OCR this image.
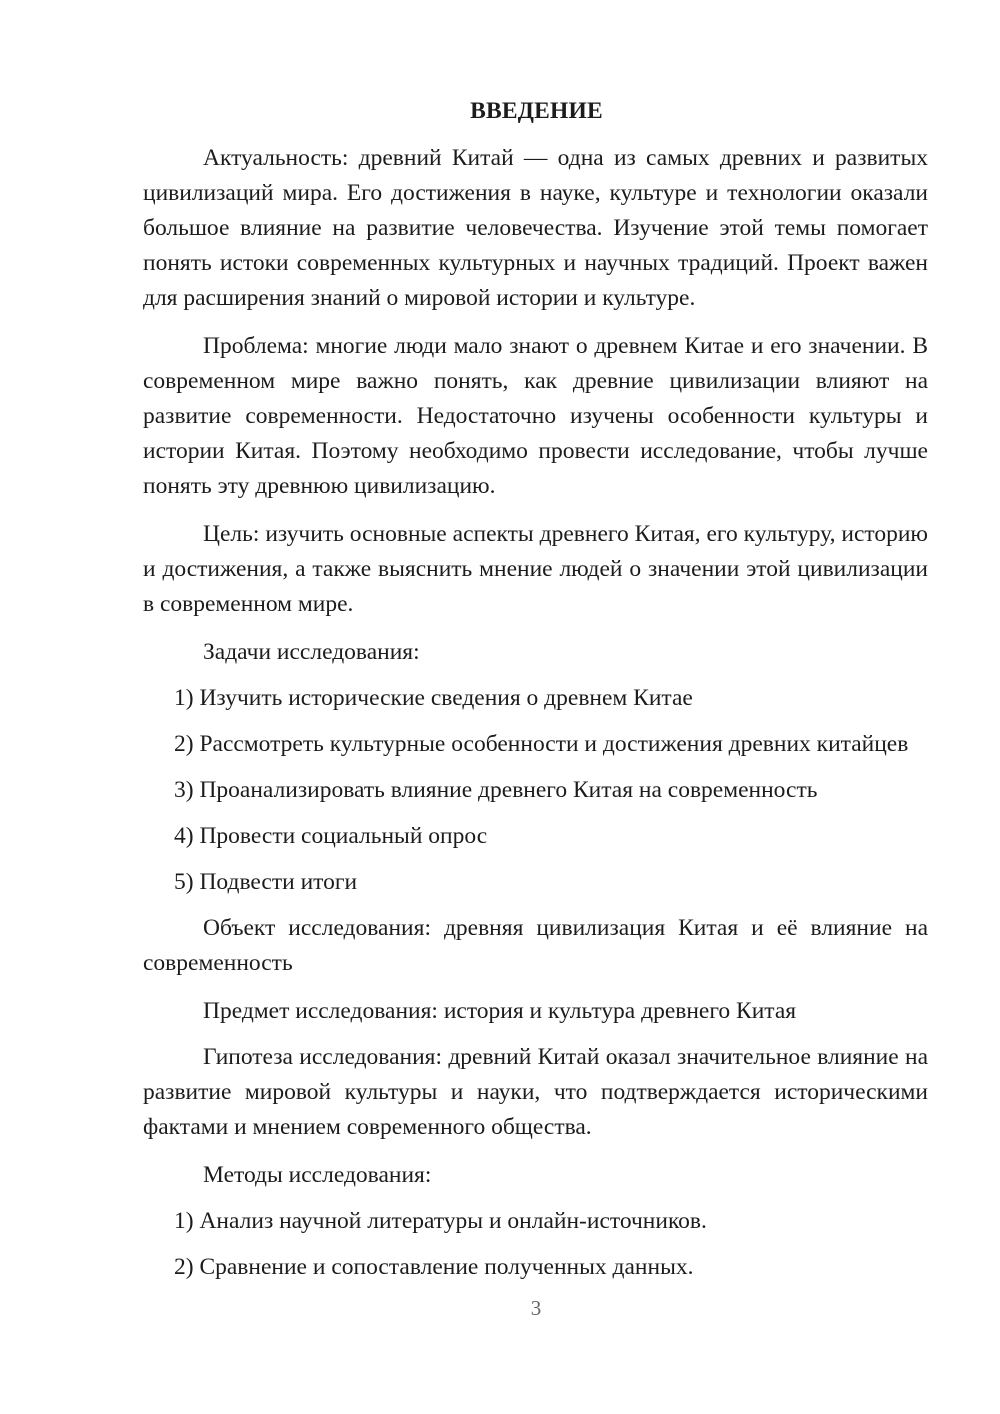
ВВЕДЕНИЕ

Актуальность: древний Китай — одна из самых древних и развитых цивилизаций мира. Его достижения в науке, культуре и технологии оказали большое влияние на развитие человечества. Изучение этой темы помогает понять истоки современных культурных и научных традиций. Проект важен для расширения знаний о мировой истории и культуре.

Проблема: многие люди мало знают о древнем Китае и его значении. В современном мире важно понять, как древние цивилизации влияют на развитие современности. Недостаточно изучены особенности культуры и истории Китая. Поэтому необходимо провести исследование, чтобы лучше понять эту древнюю цивилизацию.

Цель: изучить основные аспекты древнего Китая, его культуру, историю и достижения, а также выяснить мнение людей о значении этой цивилизации в современном мире.

Задачи исследования:

1) Изучить исторические сведения о древнем Китае

2) Рассмотреть культурные особенности и достижения древних китайцев

3) Проанализировать влияние древнего Китая на современность

4) Провести социальный опрос

5) Подвести итоги

Объект исследования: древняя цивилизация Китая и её влияние на современность

Предмет исследования: история и культура древнего Китая

Гипотеза исследования: древний Китай оказал значительное влияние на развитие мировой культуры и науки, что подтверждается историческими фактами и мнением современного общества.

Методы исследования:

1) Анализ научной литературы и онлайн-источников.

2) Сравнение и сопоставление полученных данных.

3
